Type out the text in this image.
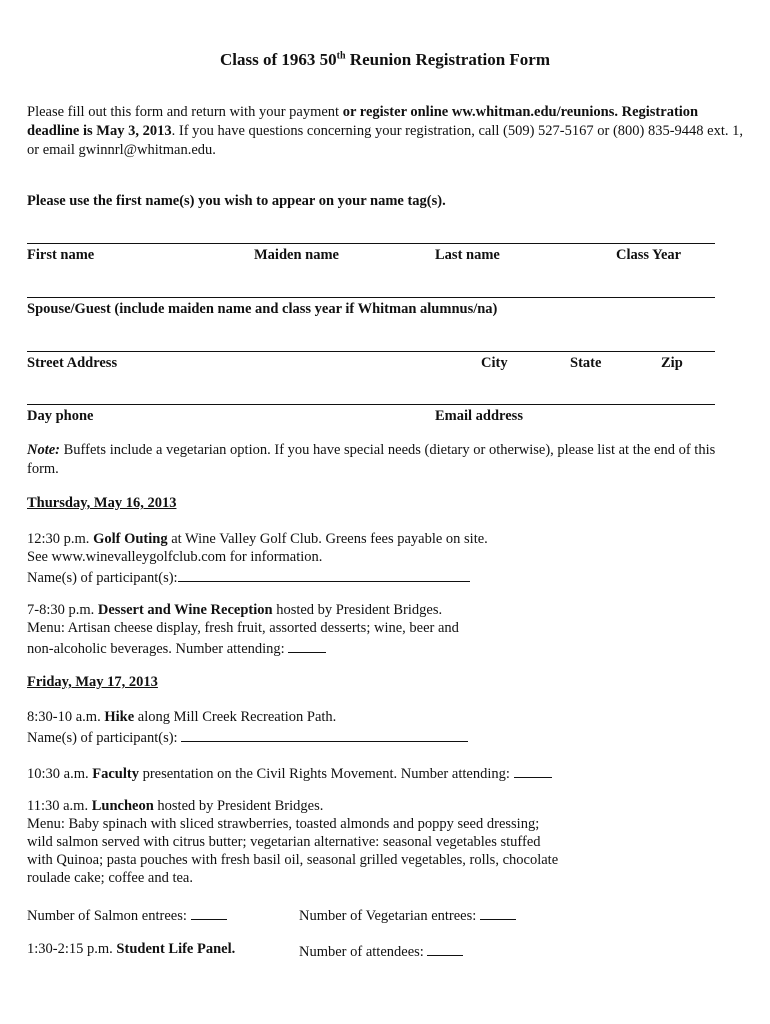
Class of 1963 50th Reunion Registration Form
Please fill out this form and return with your payment or register online ww.whitman.edu/reunions. Registration deadline is May 3, 2013. If you have questions concerning your registration, call (509) 527-5167 or (800) 835-9448 ext. 1, or email gwinnrl@whitman.edu.
Please use the first name(s) you wish to appear on your name tag(s).
First name	Maiden name	Last name	Class Year
Spouse/Guest (include maiden name and class year if Whitman alumnus/na)
Street Address	City	State	Zip
Day phone	Email address
Note: Buffets include a vegetarian option. If you have special needs (dietary or otherwise), please list at the end of this form.
Thursday, May 16, 2013
12:30 p.m. Golf Outing at Wine Valley Golf Club. Greens fees payable on site.
See www.winevalleygolfclub.com for information.
Name(s) of participant(s):
7-8:30 p.m. Dessert and Wine Reception hosted by President Bridges.
Menu: Artisan cheese display, fresh fruit, assorted desserts; wine, beer and
non-alcoholic beverages. Number attending:
Friday, May 17, 2013
8:30-10 a.m. Hike along Mill Creek Recreation Path.
Name(s) of participant(s):
10:30 a.m. Faculty presentation on the Civil Rights Movement. Number attending:
11:30 a.m. Luncheon hosted by President Bridges.
Menu: Baby spinach with sliced strawberries, toasted almonds and poppy seed dressing;
wild salmon served with citrus butter; vegetarian alternative: seasonal vegetables stuffed
with Quinoa; pasta pouches with fresh basil oil, seasonal grilled vegetables, rolls, chocolate
roulade cake; coffee and tea.
Number of Salmon entrees:	Number of Vegetarian entrees:
1:30-2:15 p.m. Student Life Panel.	Number of attendees:
